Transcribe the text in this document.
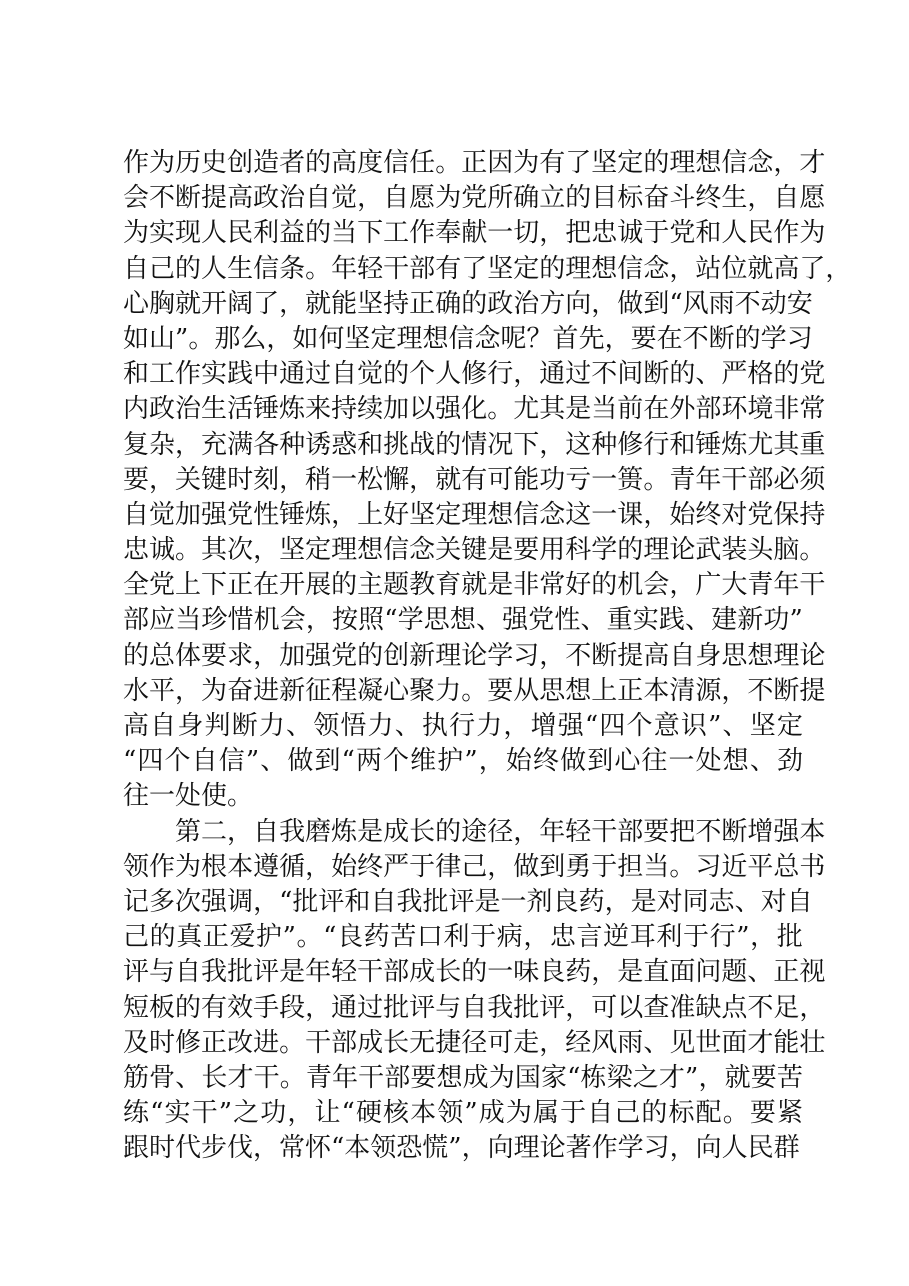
作 为 历 史 创 造 者 的 高 度 信 任 。 正 因 为 有 了 坚 定 的 理 想 信 念 ， 才
会 不 断 提 高 政 治 自 觉 ， 自 愿 为 党 所 确 立 的 目 标 奋 斗 终 生 ， 自 愿
为 实 现 人 民 利 益 的 当 下 工 作 奉 献 一 切 ， 把 忠 诚 于 党 和 人 民 作 为
自 己 的 人 生 信 条 。 年 轻 干 部 有 了 坚 定 的 理 想 信 念 ， 站 位 就 高 了 ，
心 胸 就 开 阔 了 ， 就 能 坚 持 正 确 的 政 治 方 向 ， 做 到 “ 风 雨 不 动 安
如 山 ” 。 那 么 ， 如 何 坚 定 理 想 信 念 呢 ？ 首 先 ， 要 在 不 断 的 学 习
和 工 作 实 践 中 通 过 自 觉 的 个 人 修 行 ， 通 过 不 间 断 的 、 严 格 的 党
内 政 治 生 活 锤 炼 来 持 续 加 以 强 化 。 尤 其 是 当 前 在 外 部 环 境 非 常
复 杂 ， 充 满 各 种 诱 惑 和 挑 战 的 情 况 下 ， 这 种 修 行 和 锤 炼 尤 其 重
要 ， 关 键 时 刻 ， 稍 一 松 懈 ， 就 有 可 能 功 亏 一 篑 。 青 年 干 部 必 须
自 觉 加 强 党 性 锤 炼 ， 上 好 坚 定 理 想 信 念 这 一 课 ， 始 终 对 党 保 持
忠 诚 。 其 次 ， 坚 定 理 想 信 念 关 键 是 要 用 科 学 的 理 论 武 装 头 脑 。
全 党 上 下 正 在 开 展 的 主 题 教 育 就 是 非 常 好 的 机 会 ， 广 大 青 年 干
部 应 当 珍 惜 机 会 ， 按 照 “ 学 思 想 、 强 党 性 、 重 实 践 、 建 新 功 ”
的 总 体 要 求 ， 加 强 党 的 创 新 理 论 学 习 ， 不 断 提 高 自 身 思 想 理 论
水 平 ， 为 奋 进 新 征 程 凝 心 聚 力 。 要 从 思 想 上 正 本 清 源 ， 不 断 提
高 自 身 判 断 力 、 领 悟 力 、 执 行 力 ， 增 强 “ 四 个 意 识 ” 、 坚 定
“ 四 个 自 信 ” 、 做 到 “ 两 个 维 护 ” ， 始 终 做 到 心 往 一 处 想 、 劲
往一处使。
第 二 ， 自 我 磨 炼 是 成 长 的 途 径 ， 年 轻 干 部 要 把 不 断 增 强 本
领 作 为 根 本 遵 循 ， 始 终 严 于 律 己 ， 做 到 勇 于 担 当 。 习 近 平 总 书
记 多 次 强 调 ， “ 批 评 和 自 我 批 评 是 一 剂 良 药 ， 是 对 同 志 、 对 自
己 的 真 正 爱 护 ” 。 “ 良 药 苦 口 利 于 病 ， 忠 言 逆 耳 利 于 行 ” ， 批
评 与 自 我 批 评 是 年 轻 干 部 成 长 的 一 味 良 药 ， 是 直 面 问 题 、 正 视
短 板 的 有 效 手 段 ， 通 过 批 评 与 自 我 批 评 ， 可 以 查 准 缺 点 不 足 ，
及 时 修 正 改 进 。 干 部 成 长 无 捷 径 可 走 ， 经 风 雨 、 见 世 面 才 能 壮
筋 骨 、 长 才 干 。 青 年 干 部 要 想 成 为 国 家 “ 栋 梁 之 才 ” ， 就 要 苦
练 “ 实 干 ” 之 功 ， 让 “ 硬 核 本 领 ” 成 为 属 于 自 己 的 标 配 。 要 紧
跟时代步伐，常怀“本领恐慌”，向理论著作学习，向人民群
